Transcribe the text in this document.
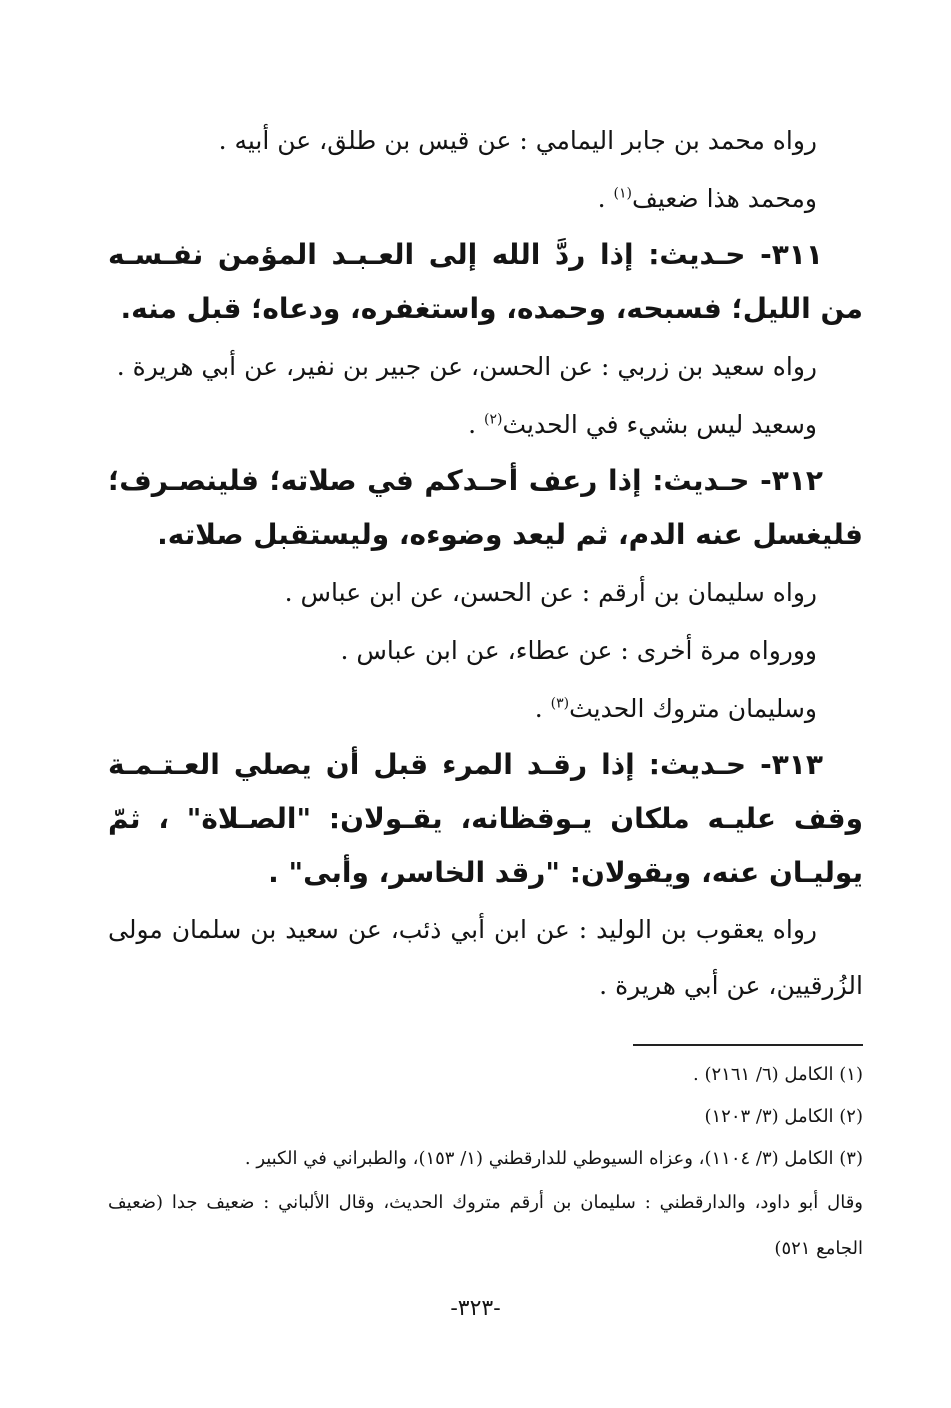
رواه محمد بن جابر اليمامي : عن قيس بن طلق، عن أبيه .

ومحمد هذا ضعيف$^{(١)}$ .

٣١١- حـديث: إذا ردَّ الله إلى العـبـد المؤمن نفـسـه من الليل؛ فسبحه، وحمده، واستغفره، ودعاه؛ قبل منه.

رواه سعيد بن زربي : عن الحسن، عن جبير بن نفير، عن أبي هريرة .

وسعيد ليس بشيء في الحديث$^{(٢)}$ .

٣١٢- حـديث: إذا رعف أحـدكم في صلاته؛ فلينصـرف؛ فليغسل عنه الدم، ثم ليعد وضوءه، وليستقبل صلاته.

رواه سليمان بن أرقم : عن الحسن، عن ابن عباس .

وورواه مرة أخرى : عن عطاء، عن ابن عباس .

وسليمان متروك الحديث$^{(٣)}$ .

٣١٣- حـديث: إذا رقـد المرء قبل أن يصلي العـتـمـة وقف عليـه ملكان يـوقظانه، يقـولان: "الصـلاة" ، ثمّ يوليـان عنه، ويقولان: "رقد الخاسر، وأبى" .

رواه يعقوب بن الوليد : عن ابن أبي ذئب، عن سعيد بن سلمان مولى الزُرقيين، عن أبي هريرة .

(١) الكامل (٦/ ٢١٦١) .

(٢) الكامل (٣/ ١٢٠٣)

(٣) الكامل (٣/ ١١٠٤)، وعزاه السيوطي للدارقطني (١/ ١٥٣)، والطبراني في الكبير .

وقال أبو داود، والدارقطني : سليمان بن أرقم متروك الحديث، وقال الألباني : ضعيف جدا (ضعيف الجامع ٥٢١)

-٣٢٣-
